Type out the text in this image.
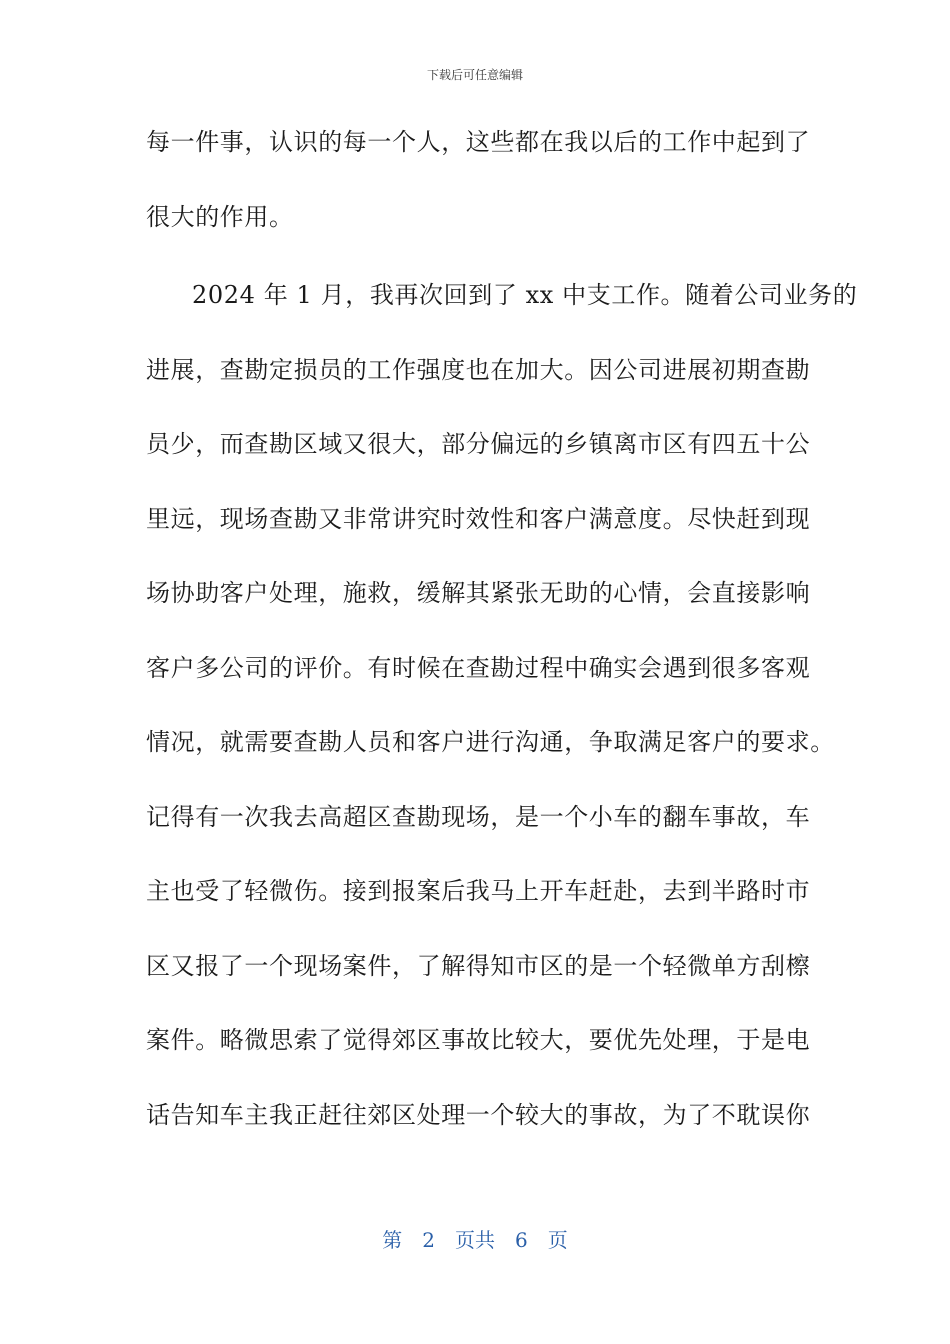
下载后可任意编辑
每一件事，认识的每一个人，这些都在我以后的工作中起到了
很大的作用。
2024 年 1 月，我再次回到了 xx 中支工作。随着公司业务的
进展，查勘定损员的工作强度也在加大。因公司进展初期查勘
员少，而查勘区域又很大，部分偏远的乡镇离市区有四五十公
里远，现场查勘又非常讲究时效性和客户满意度。尽快赶到现
场协助客户处理，施救，缓解其紧张无助的心情，会直接影响
客户多公司的评价。有时候在查勘过程中确实会遇到很多客观
情况，就需要查勘人员和客户进行沟通，争取满足客户的要求。
记得有一次我去高超区查勘现场，是一个小车的翻车事故，车
主也受了轻微伤。接到报案后我马上开车赶赴，去到半路时市
区又报了一个现场案件，了解得知市区的是一个轻微单方刮檫
案件。略微思索了觉得郊区事故比较大，要优先处理，于是电
话告知车主我正赶往郊区处理一个较大的事故，为了不耽误你
第 2 页共 6 页
